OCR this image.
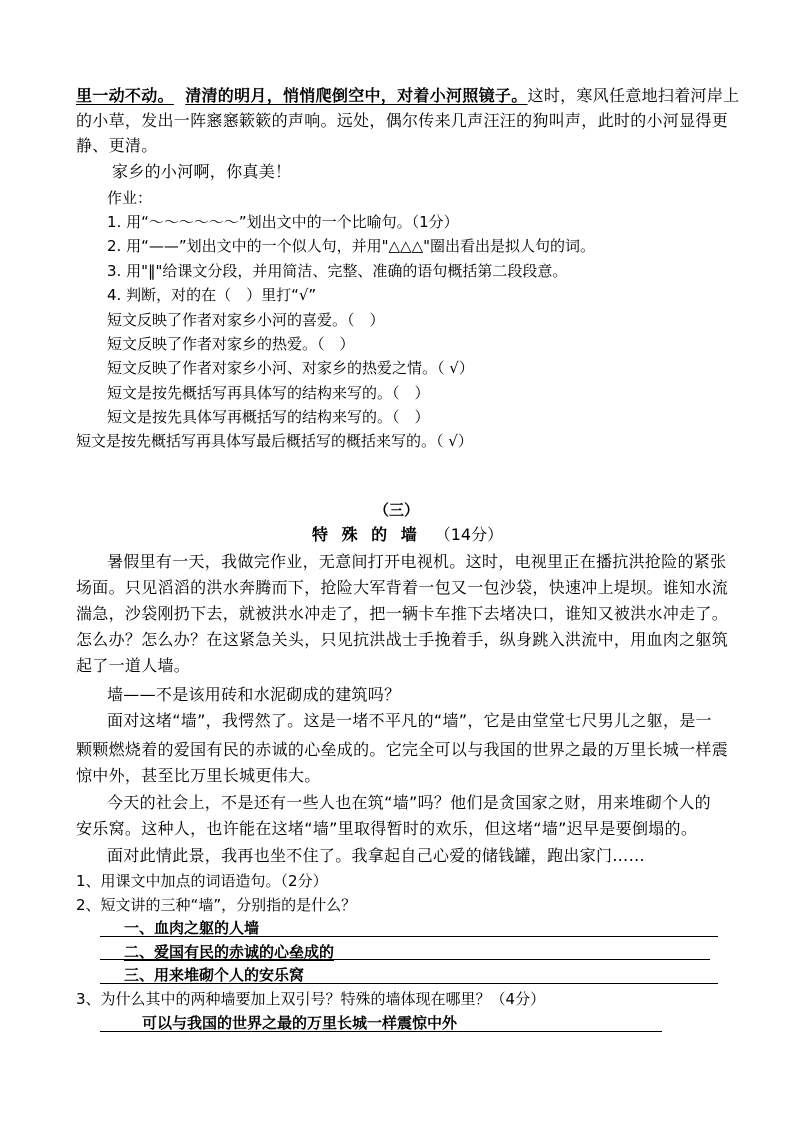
里一动不动。 清清的明月，悄悄爬倒空中，对着小河照镜子。这时，寒风任意地扫着河岸上
的小草，发出一阵窸窸簌簌的声响。远处，偶尔传来几声汪汪的狗叫声，此时的小河显得更
静、更清。
家乡的小河啊，你真美！
作业：
1. 用“～～～～～～”划出文中的一个比喻句。（1分）
2. 用“——”划出文中的一个似人句，并用"△△△"圈出看出是拟人句的词。
3. 用"‖"给课文分段，并用简洁、完整、准确的语句概括第二段段意。
4. 判断，对的在（　）里打“√”
短文反映了作者对家乡小河的喜爱。（　）
短文反映了作者对家乡的热爱。（　）
短文反映了作者对家乡小河、对家乡的热爱之情。（ √）
短文是按先概括写再具体写的结构来写的。（　）
短文是按先具体写再概括写的结构来写的。（　）
短文是按先概括写再具体写最后概括写的概括来写的。（ √）
（三）
特 殊 的 墙 （14分）
暑假里有一天，我做完作业，无意间打开电视机。这时，电视里正在播抗洪抢险的紧张
场面。只见滔滔的洪水奔腾而下，抢险大军背着一包又一包沙袋，快速冲上堤坝。谁知水流
湍急，沙袋刚扔下去，就被洪水冲走了，把一辆卡车推下去堵决口，谁知又被洪水冲走了。
怎么办？怎么办？在这紧急关头，只见抗洪战士手挽着手，纵身跳入洪流中，用血肉之躯筑
起了一道人墙。
墙——不是该用砖和水泥砌成的建筑吗？
面对这堵“墙”，我愕然了。这是一堵不平凡的“墙”，它是由堂堂七尺男儿之躯，是一
颗颗燃烧着的爱国有民的赤诚的心垒成的。它完全可以与我国的世界之最的万里长城一样震
惊中外，甚至比万里长城更伟大。
今天的社会上，不是还有一些人也在筑“墙”吗？他们是贪国家之财，用来堆砌个人的
安乐窝。这种人，也许能在这堵“墙”里取得暂时的欢乐，但这堵“墙”迟早是要倒塌的。
面对此情此景，我再也坐不住了。我拿起自己心爱的储钱罐，跑出家门……
1、用课文中加点的词语造句。（2分）
2、短文讲的三种“墙”，分别指的是什么？
一、血肉之躯的人墙
二、爱国有民的赤诚的心垒成的
三、用来堆砌个人的安乐窝
3、为什么其中的两种墙要加上双引号？特殊的墙体现在哪里？（4分）
可以与我国的世界之最的万里长城一样震惊中外
